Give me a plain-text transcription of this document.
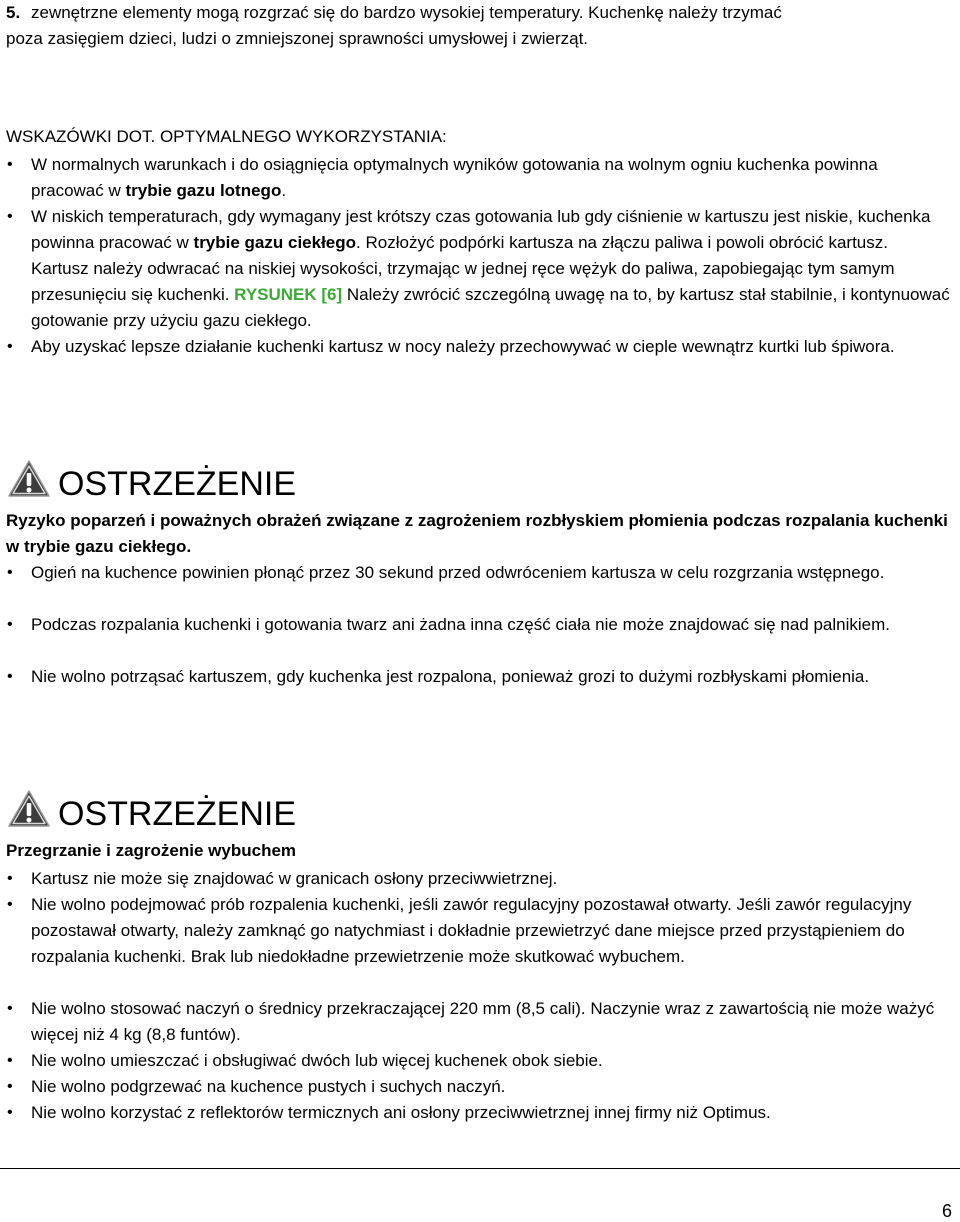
5. zewnętrzne elementy mogą rozgrzać się do bardzo wysokiej temperatury. Kuchenkę należy trzymać
poza zasięgiem dzieci, ludzi o zmniejszonej sprawności umysłowej i zwierząt.
WSKAZÓWKI DOT. OPTYMALNEGO WYKORZYSTANIA:
•	W normalnych warunkach i do osiągnięcia optymalnych wyników gotowania na wolnym ogniu kuchenka powinna pracować w trybie gazu lotnego.

•	W niskich temperaturach, gdy wymagany jest krótszy czas gotowania lub gdy ciśnienie w kartuszu jest niskie, kuchenka powinna pracować w trybie gazu ciekłego. Rozłożyć podpórki kartusza na złączu paliwa i powoli obrócić kartusz. Kartusz należy odwracać na niskiej wysokości, trzymając w jednej ręce wężyk do paliwa, zapobiegając tym samym przesunięciu się kuchenki. RYSUNEK [6] Należy zwrócić szczególną uwagę na to, by kartusz stał stabilnie, i kontynuować gotowanie przy użyciu gazu ciekłego.

•	Aby uzyskać lepsze działanie kuchenki kartusz w nocy należy przechowywać w cieple wewnątrz kurtki lub śpiwora.

OSTRZEŻENIE

Ryzyko poparzeń i poważnych obrażeń związane z zagrożeniem rozbłyskiem płomienia podczas rozpalania kuchenki w trybie gazu ciekłego.

•	Ogień na kuchence powinien płonąć przez 30 sekund przed odwróceniem kartusza w celu rozgrzania wstępnego.

•	Podczas rozpalania kuchenki i gotowania twarz ani żadna inna część ciała nie może znajdować się nad palnikiem.

•	Nie wolno potrząsać kartuszem, gdy kuchenka jest rozpalona, ponieważ grozi to dużymi rozbłyskami płomienia.

OSTRZEŻENIE

Przegrzanie i zagrożenie wybuchem

•	Kartusz nie może się znajdować w granicach osłony przeciwwietrznej.

•	Nie wolno podejmować prób rozpalenia kuchenki, jeśli zawór regulacyjny pozostawał otwarty. Jeśli zawór regulacyjny pozostawał otwarty, należy zamknąć go natychmiast i dokładnie przewietrzyć dane miejsce przed przystąpieniem do rozpalania kuchenki. Brak lub niedokładne przewietrzenie może skutkować wybuchem.

•	Nie wolno stosować naczyń o średnicy przekraczającej 220 mm (8,5 cali). Naczynie wraz z zawartością nie może ważyć więcej niż 4 kg (8,8 funtów).

•	Nie wolno umieszczać i obsługiwać dwóch lub więcej kuchenek obok siebie.

•	Nie wolno podgrzewać na kuchence pustych i suchych naczyń.

•	Nie wolno korzystać z reflektorów termicznych ani osłony przeciwwietrznej innej firmy niż Optimus.

6
